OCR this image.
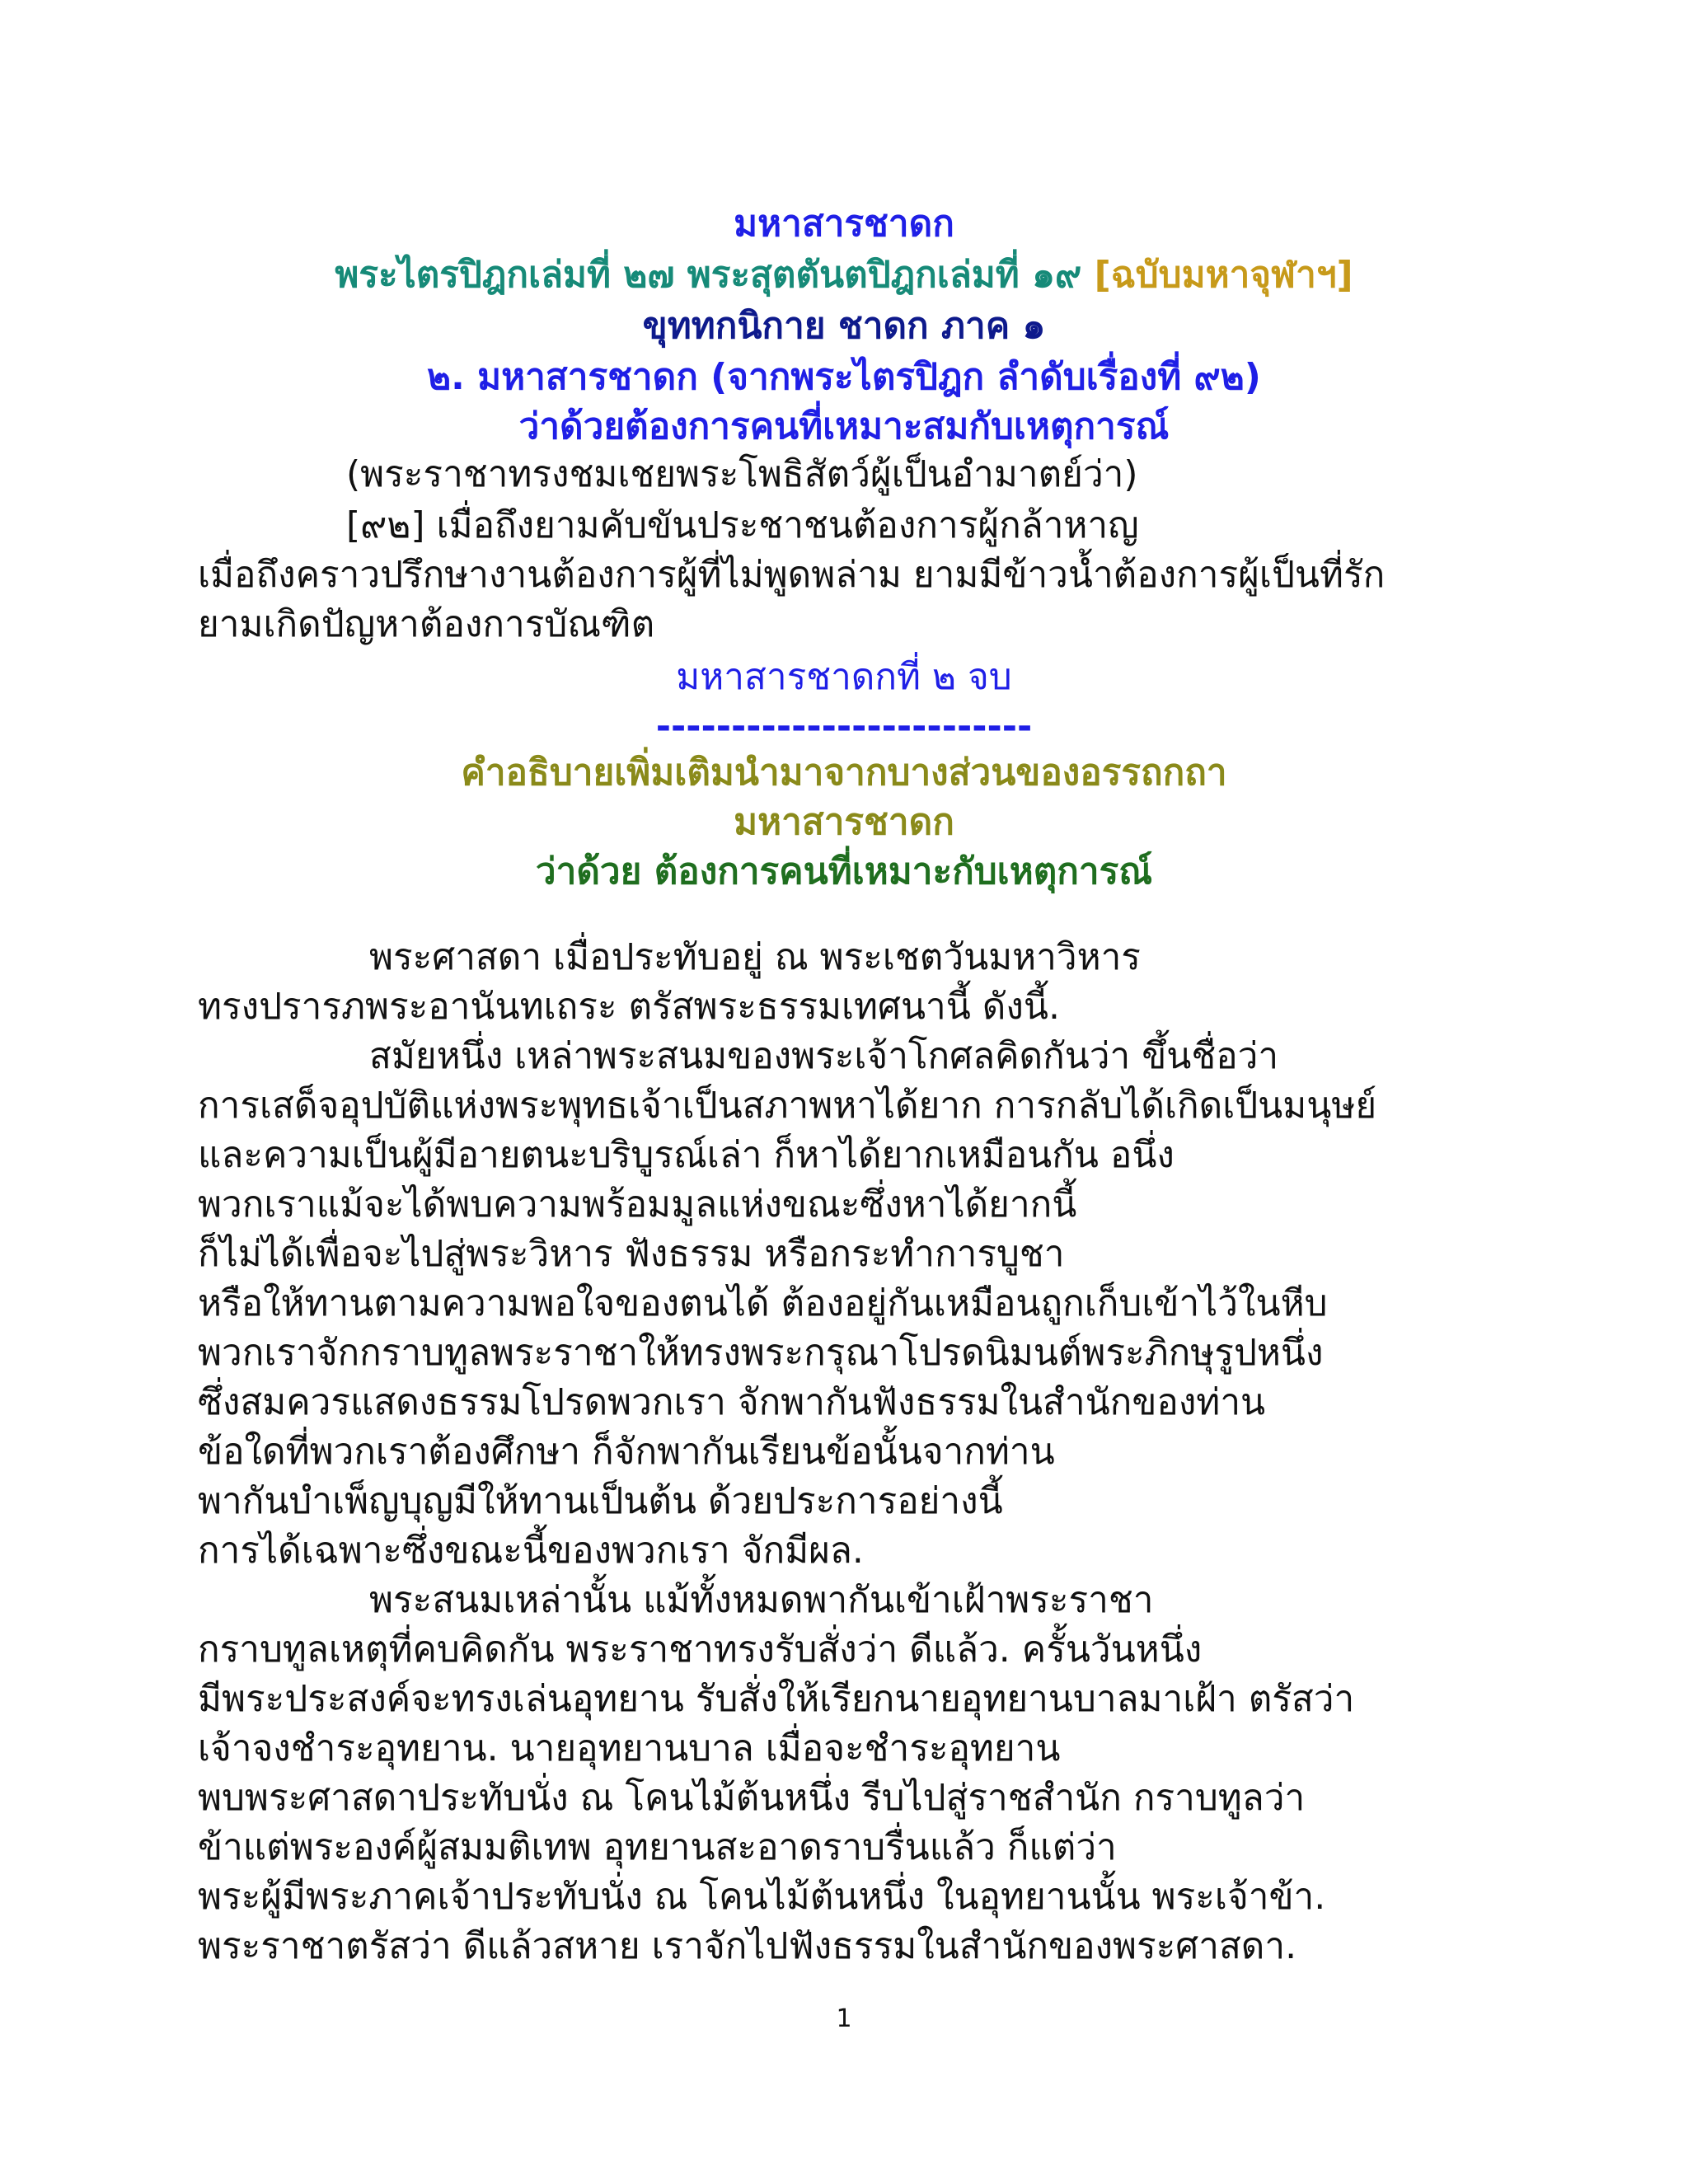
มหาสารชาดก
พระไตรปิฎกเล่มที่ ๒๗ พระสุตตันตปิฎกเล่มที่ ๑๙ [ฉบับมหาจุฬาฯ]
ขุททกนิกาย ชาดก ภาค ๑
๒. มหาสารชาดก (จากพระไตรปิฎก ลำดับเรื่องที่ ๙๒)
ว่าด้วยต้องการคนที่เหมาะสมกับเหตุการณ์
(พระราชาทรงชมเชยพระโพธิสัตว์ผู้เป็นอำมาตย์ว่า)
[๙๒] เมื่อถึงยามคับขันประชาชนต้องการผู้กล้าหาญ
เมื่อถึงคราวปรึกษางานต้องการผู้ที่ไม่พูดพล่าม ยามมีข้าวน้ำต้องการผู้เป็นที่รัก
ยามเกิดปัญหาต้องการบัณฑิต
มหาสารชาดกที่ ๒ จบ
-------------------------
คำอธิบายเพิ่มเติมนำมาจากบางส่วนของอรรถกถา
มหาสารชาดก
ว่าด้วย ต้องการคนที่เหมาะกับเหตุการณ์
พระศาสดา เมื่อประทับอยู่ ณ พระเชตวันมหาวิหาร
ทรงปรารภพระอานันทเถระ ตรัสพระธรรมเทศนานี้ ดังนี้.
สมัยหนึ่ง เหล่าพระสนมของพระเจ้าโกศลคิดกันว่า ขึ้นชื่อว่า
การเสด็จอุปบัติแห่งพระพุทธเจ้าเป็นสภาพหาได้ยาก การกลับได้เกิดเป็นมนุษย์
และความเป็นผู้มีอายตนะบริบูรณ์เล่า ก็หาได้ยากเหมือนกัน อนึ่ง
พวกเราแม้จะได้พบความพร้อมมูลแห่งขณะซึ่งหาได้ยากนี้
ก็ไม่ได้เพื่อจะไปสู่พระวิหาร ฟังธรรม หรือกระทำการบูชา
หรือให้ทานตามความพอใจของตนได้ ต้องอยู่กันเหมือนถูกเก็บเข้าไว้ในหีบ
พวกเราจักกราบทูลพระราชาให้ทรงพระกรุณาโปรดนิมนต์พระภิกษุรูปหนึ่ง
ซึ่งสมควรแสดงธรรมโปรดพวกเรา จักพากันฟังธรรมในสำนักของท่าน
ข้อใดที่พวกเราต้องศึกษา ก็จักพากันเรียนข้อนั้นจากท่าน
พากันบำเพ็ญบุญมีให้ทานเป็นต้น ด้วยประการอย่างนี้
การได้เฉพาะซึ่งขณะนี้ของพวกเรา จักมีผล.
พระสนมเหล่านั้น แม้ทั้งหมดพากันเข้าเฝ้าพระราชา
กราบทูลเหตุที่คบคิดกัน พระราชาทรงรับสั่งว่า ดีแล้ว. ครั้นวันหนึ่ง
มีพระประสงค์จะทรงเล่นอุทยาน รับสั่งให้เรียกนายอุทยานบาลมาเฝ้า ตรัสว่า
เจ้าจงชำระอุทยาน. นายอุทยานบาล เมื่อจะชำระอุทยาน
พบพระศาสดาประทับนั่ง ณ โคนไม้ต้นหนึ่ง รีบไปสู่ราชสำนัก กราบทูลว่า
ข้าแต่พระองค์ผู้สมมติเทพ อุทยานสะอาดราบรื่นแล้ว ก็แต่ว่า
พระผู้มีพระภาคเจ้าประทับนั่ง ณ โคนไม้ต้นหนึ่ง ในอุทยานนั้น พระเจ้าข้า.
พระราชาตรัสว่า ดีแล้วสหาย เราจักไปฟังธรรมในสำนักของพระศาสดา.
1
